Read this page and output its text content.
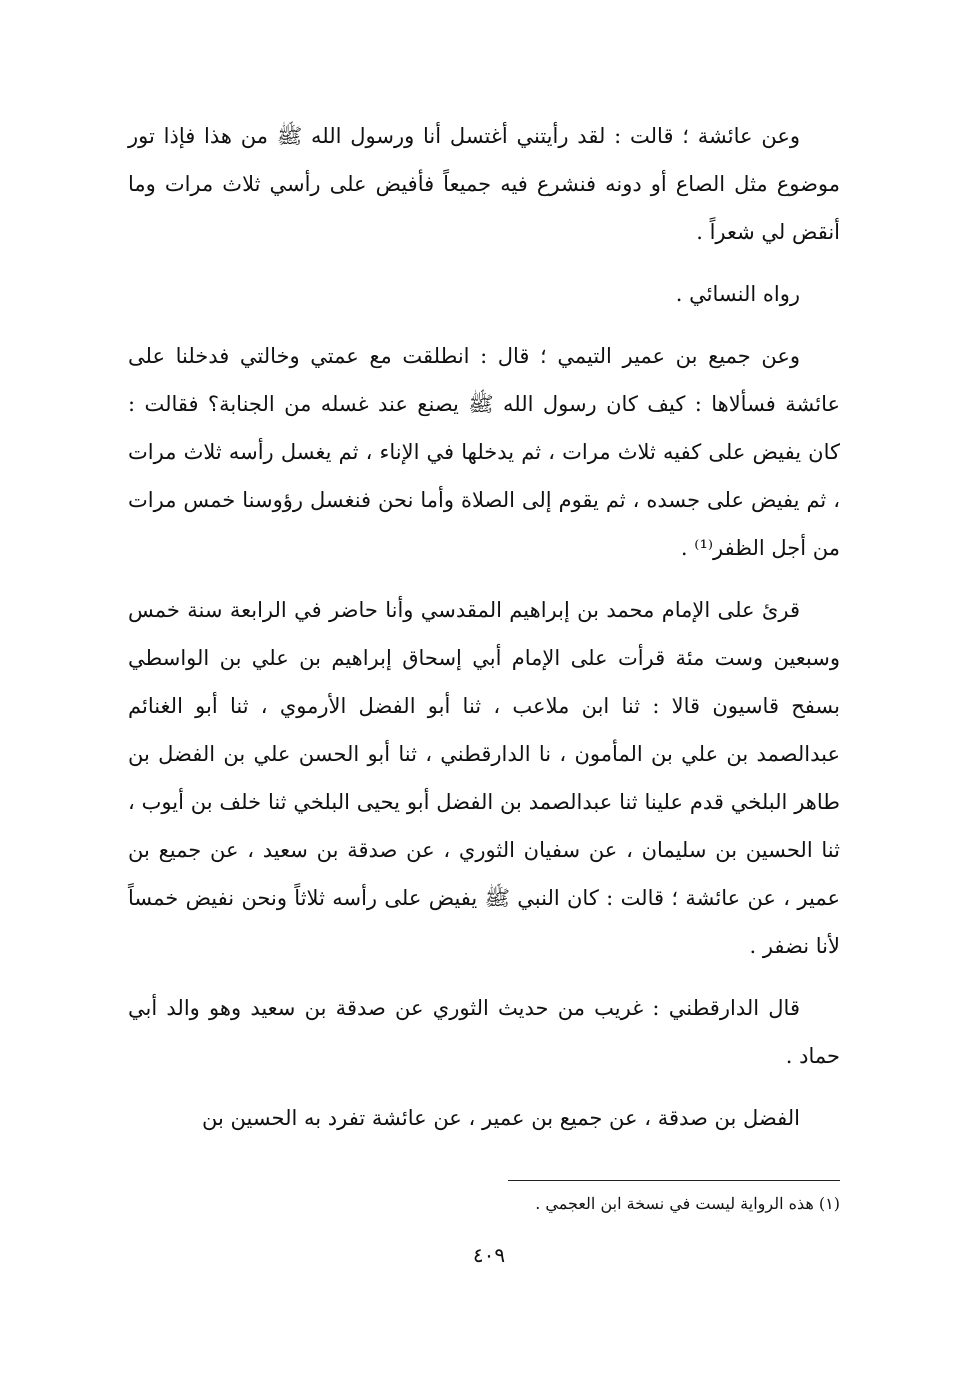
وعن عائشة ؛ قالت : لقد رأيتني أغتسل أنا ورسول الله ﷺ من هذا فإذا تور موضوع مثل الصاع أو دونه فنشرع فيه جميعاً فأفيض على رأسي ثلاث مرات وما أنقض لي شعراً .

رواه النسائي .

وعن جميع بن عمير التيمي ؛ قال : انطلقت مع عمتي وخالتي فدخلنا على عائشة فسألاها : كيف كان رسول الله ﷺ يصنع عند غسله من الجنابة؟ فقالت : كان يفيض على كفيه ثلاث مرات ، ثم يدخلها في الإناء ، ثم يغسل رأسه ثلاث مرات ، ثم يفيض على جسده ، ثم يقوم إلى الصلاة وأما نحن فنغسل رؤوسنا خمس مرات من أجل الظفر⁽¹⁾ .

قرئ على الإمام محمد بن إبراهيم المقدسي وأنا حاضر في الرابعة سنة خمس وسبعين وست مئة قرأت على الإمام أبي إسحاق إبراهيم بن علي بن الواسطي بسفح قاسيون قالا : ثنا ابن ملاعب ، ثنا أبو الفضل الأرموي ، ثنا أبو الغنائم عبدالصمد بن علي بن المأمون ، نا الدارقطني ، ثنا أبو الحسن علي بن الفضل بن طاهر البلخي قدم علينا ثنا عبدالصمد بن الفضل أبو يحيى البلخي ثنا خلف بن أيوب ، ثنا الحسين بن سليمان ، عن سفيان الثوري ، عن صدقة بن سعيد ، عن جميع بن عمير ، عن عائشة ؛ قالت : كان النبي ﷺ يفيض على رأسه ثلاثاً ونحن نفيض خمساً لأنا نضفر .

قال الدارقطني : غريب من حديث الثوري عن صدقة بن سعيد وهو والد أبي حماد .

الفضل بن صدقة ، عن جميع بن عمير ، عن عائشة تفرد به الحسين بن

(١) هذه الرواية ليست في نسخة ابن العجمي .
٤٠٩
